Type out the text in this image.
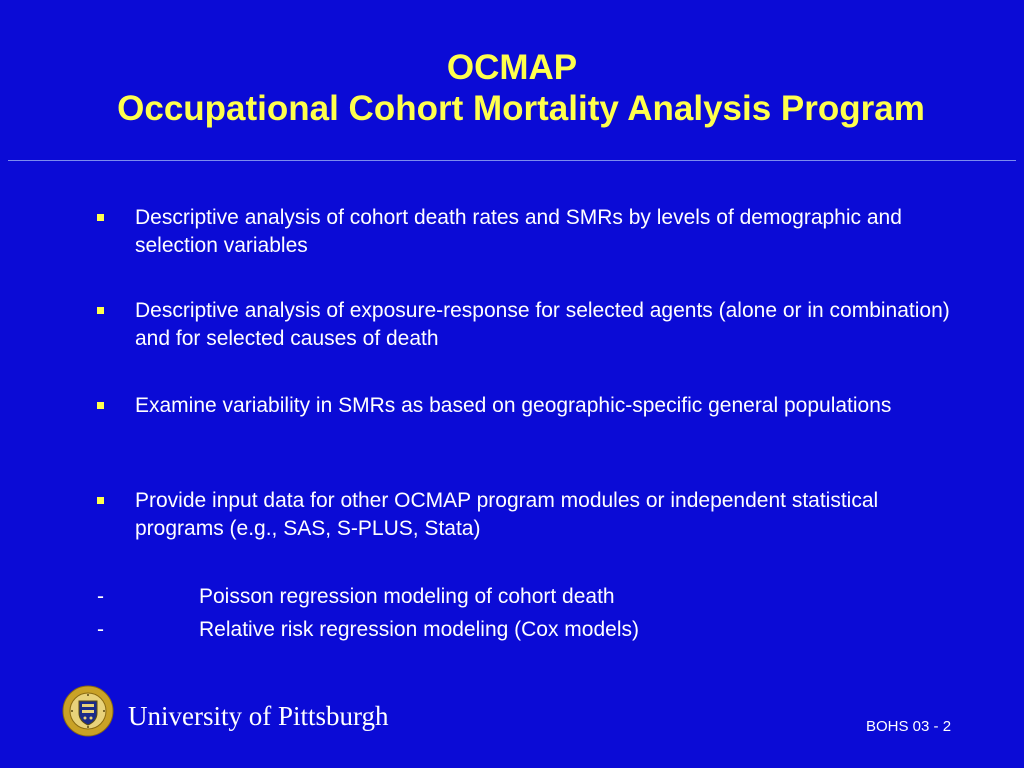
OCMAP
Occupational Cohort Mortality Analysis Program
Descriptive analysis of cohort death rates and SMRs by levels of demographic and selection variables
Descriptive analysis of exposure-response for selected agents (alone or in combination) and for selected causes of death
Examine variability in SMRs as based on geographic-specific general populations
Provide input data for other OCMAP program modules or independent statistical programs (e.g., SAS, S-PLUS, Stata)
-	Poisson regression modeling of cohort death
-	Relative risk regression modeling (Cox models)
University of Pittsburgh	BOHS 03 - 2
